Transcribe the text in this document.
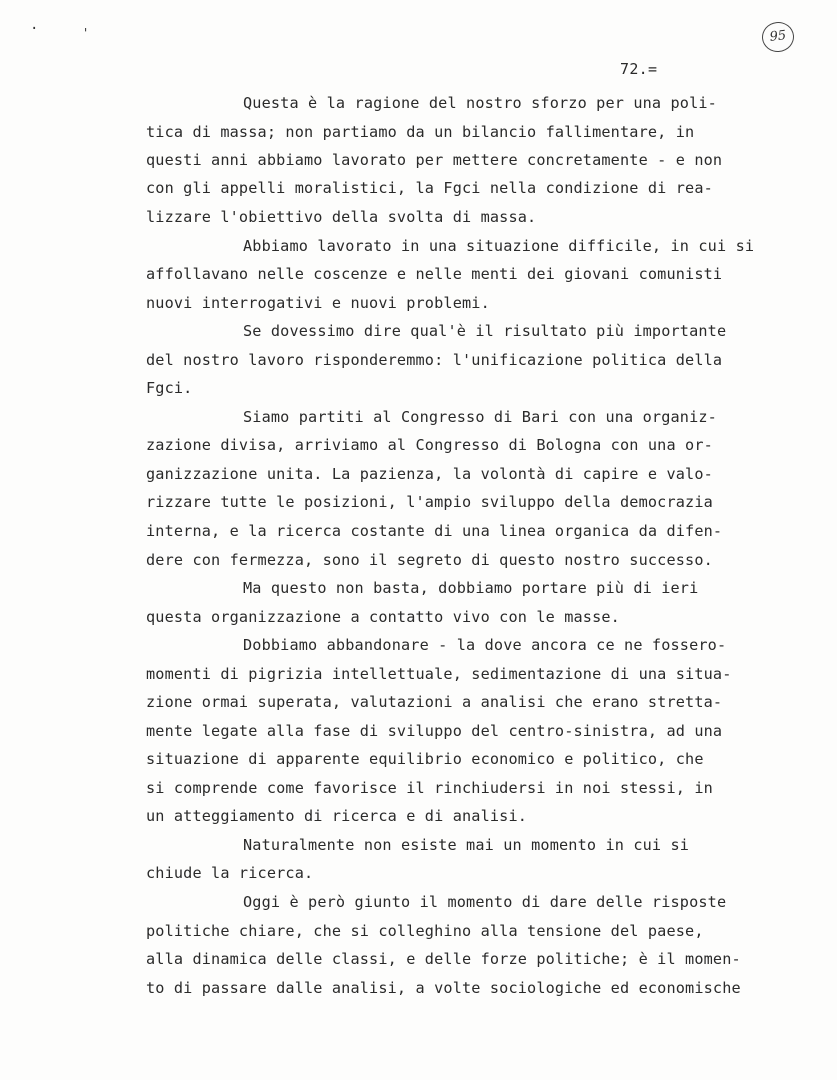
·	'	95
72.=
Questa è la ragione del nostro sforzo per una poli-
tica di massa; non partiamo da un bilancio fallimentare, in
questi anni abbiamo lavorato per mettere concretamente - e non
con gli appelli moralistici, la Fgci nella condizione di rea-
lizzare l'obiettivo della svolta di massa.
Abbiamo lavorato in una situazione difficile, in cui si
affollavano nelle coscenze e nelle menti dei giovani comunisti
nuovi interrogativi e nuovi problemi.
Se dovessimo dire qual'è il risultato più importante
del nostro lavoro risponderemmo: l'unificazione politica della
Fgci.
Siamo partiti al Congresso di Bari con una organiz-
zazione divisa, arriviamo al Congresso di Bologna con una or-
ganizzazione unita. La pazienza, la volontà di capire e valo-
rizzare tutte le posizioni, l'ampio sviluppo della democrazia
interna, e la ricerca costante di una linea organica da difen-
dere con fermezza, sono il segreto di questo nostro successo.
Ma questo non basta, dobbiamo portare più di ieri
questa organizzazione a contatto vivo con le masse.
Dobbiamo abbandonare - la dove ancora ce ne fossero-
momenti di pigrizia intellettuale, sedimentazione di una situa-
zione ormai superata, valutazioni a analisi che erano stretta-
mente legate alla fase di sviluppo del centro-sinistra, ad una
situazione di apparente equilibrio economico e politico, che
si comprende come favorisce il rinchiudersi in noi stessi, in
un atteggiamento di ricerca e di analisi.
Naturalmente non esiste mai un momento in cui si
chiude la ricerca.
Oggi è però giunto il momento di dare delle risposte
politiche chiare, che si colleghino alla tensione del paese,
alla dinamica delle classi, e delle forze politiche; è il momen-
to di passare dalle analisi, a volte sociologiche ed economische
